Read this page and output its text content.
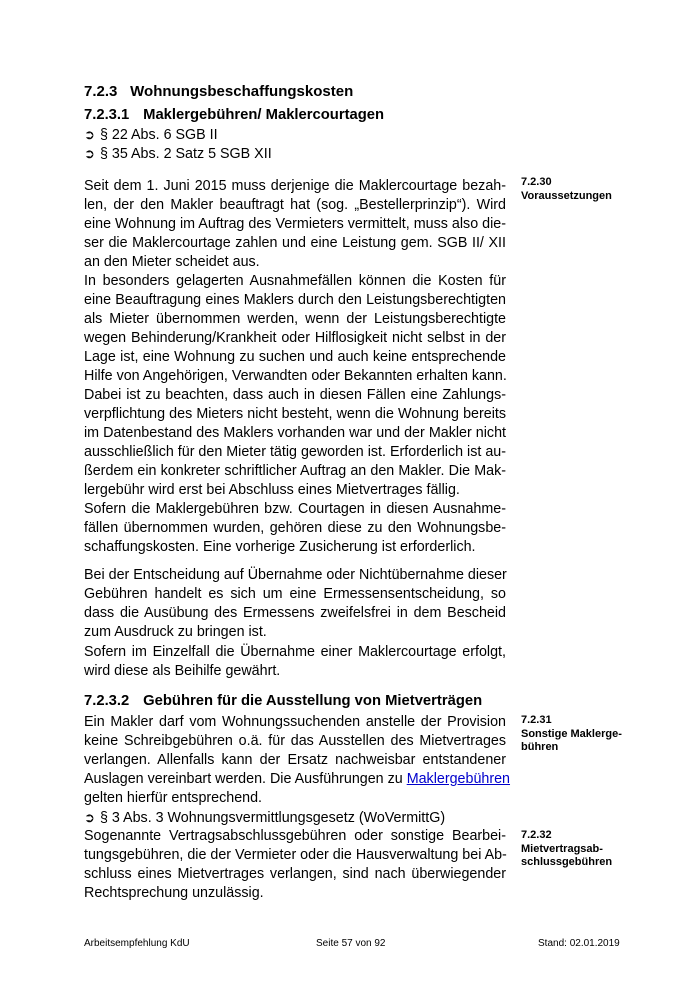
7.2.3 Wohnungsbeschaffungskosten
7.2.3.1 Maklergebühren/ Maklercourtagen
➲ § 22 Abs. 6 SGB II
➲ § 35 Abs. 2 Satz 5 SGB XII
Seit dem 1. Juni 2015 muss derjenige die Maklercourtage bezah-
len, der den Makler beauftragt hat (sog. „Bestellerprinzip“). Wird
eine Wohnung im Auftrag des Vermieters vermittelt, muss also die-
ser die Maklercourtage zahlen und eine Leistung gem. SGB II/ XII
an den Mieter scheidet aus.
In besonders gelagerten Ausnahmefällen können die Kosten für
eine Beauftragung eines Maklers durch den Leistungsberechtigten
als Mieter übernommen werden, wenn der Leistungsberechtigte
wegen Behinderung/Krankheit oder Hilflosigkeit nicht selbst in der
Lage ist, eine Wohnung zu suchen und auch keine entsprechende
Hilfe von Angehörigen, Verwandten oder Bekannten erhalten kann.
Dabei ist zu beachten, dass auch in diesen Fällen eine Zahlungs-
verpflichtung des Mieters nicht besteht, wenn die Wohnung bereits
im Datenbestand des Maklers vorhanden war und der Makler nicht
ausschließlich für den Mieter tätig geworden ist. Erforderlich ist au-
ßerdem ein konkreter schriftlicher Auftrag an den Makler. Die Mak-
lergebühr wird erst bei Abschluss eines Mietvertrages fällig.
Sofern die Maklergebühren bzw. Courtagen in diesen Ausnahme-
fällen übernommen wurden, gehören diese zu den Wohnungsbe-
schaffungskosten. Eine vorherige Zusicherung ist erforderlich.
Bei der Entscheidung auf Übernahme oder Nichtübernahme dieser
Gebühren handelt es sich um eine Ermessensentscheidung, so
dass die Ausübung des Ermessens zweifelsfrei in dem Bescheid
zum Ausdruck zu bringen ist.
Sofern im Einzelfall die Übernahme einer Maklercourtage erfolgt,
wird diese als Beihilfe gewährt.
7.2.3.2 Gebühren für die Ausstellung von Mietverträgen
Ein Makler darf vom Wohnungssuchenden anstelle der Provision
keine Schreibgebühren o.ä. für das Ausstellen des Mietvertrages
verlangen. Allenfalls kann der Ersatz nachweisbar entstandener
Auslagen vereinbart werden. Die Ausführungen zu Maklergebühren
gelten hierfür entsprechend.
➲ § 3 Abs. 3 Wohnungsvermittlungsgesetz (WoVermittG)
Sogenannte Vertragsabschlussgebühren oder sonstige Bearbei-
tungsgebühren, die der Vermieter oder die Hausverwaltung bei Ab-
schluss eines Mietvertrages verlangen, sind nach überwiegender
Rechtsprechung unzulässig.
7.2.30
Voraussetzungen
7.2.31
Sonstige Maklerge-
bühren
7.2.32
Mietvertragsab-
schlussgebühren
Arbeitsempfehlung KdU	Seite 57 von 92	Stand: 02.01.2019
